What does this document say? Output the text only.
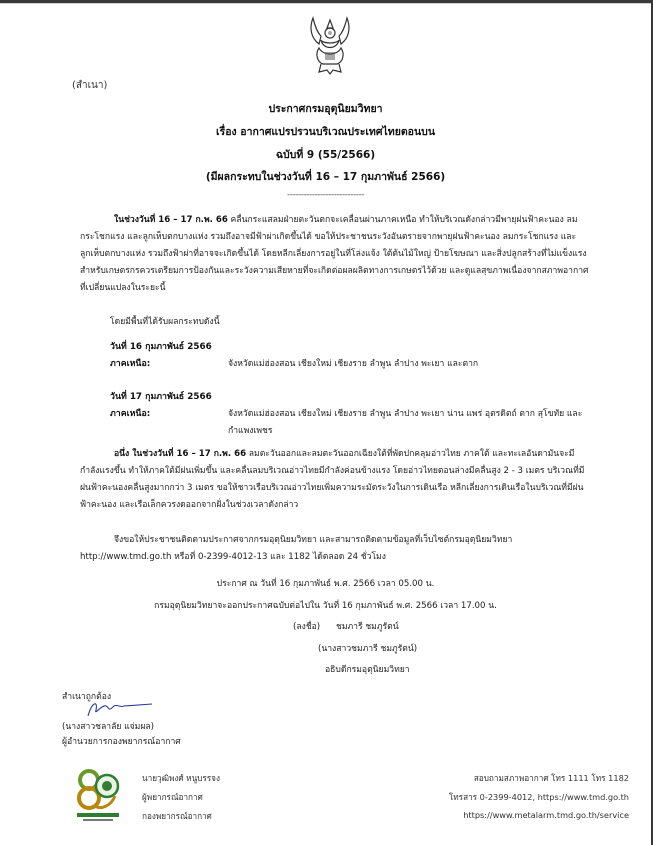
(สำเนา)
ประกาศกรมอุตุนิยมวิทยา
เรื่อง อากาศแปรปรวนบริเวณประเทศไทยตอนบน
ฉบับที่ 9 (55/2566)
(มีผลกระทบในช่วงวันที่ 16 – 17 กุมภาพันธ์ 2566)
----------------------------
ในช่วงวันที่ 16 – 17 ก.พ. 66 คลื่นกระแสลมฝ่ายตะวันตกจะเคลื่อนผ่านภาคเหนือ ทำให้บริเวณดังกล่าวมีพายุฝนฟ้าคะนอง ลมกระโชกแรง และลูกเห็บตกบางแห่ง รวมถึงอาจมีฟ้าผ่าเกิดขึ้นได้ ขอให้ประชาชนระวังอันตรายจากพายุฝนฟ้าคะนอง ลมกระโชกแรง และลูกเห็บตกบางแห่ง รวมถึงฟ้าผ่าที่อาจจะเกิดขึ้นได้ โดยหลีกเลี่ยงการอยู่ในที่โล่งแจ้ง ใต้ต้นไม้ใหญ่ ป้ายโฆษณา และสิ่งปลูกสร้างที่ไม่แข็งแรง สำหรับเกษตรกรควรเตรียมการป้องกันและระวังความเสียหายที่จะเกิดต่อผลผลิตทางการเกษตรไว้ด้วย และดูแลสุขภาพเนื่องจากสภาพอากาศที่เปลี่ยนแปลงในระยะนี้
โดยมีพื้นที่ได้รับผลกระทบดังนี้
วันที่ 16 กุมภาพันธ์ 2566
ภาคเหนือ:	จังหวัดแม่ฮ่องสอน เชียงใหม่ เชียงราย ลำพูน ลำปาง พะเยา และตาก
วันที่ 17 กุมภาพันธ์ 2566
ภาคเหนือ:	จังหวัดแม่ฮ่องสอน เชียงใหม่ เชียงราย ลำพูน ลำปาง พะเยา น่าน แพร่ อุตรดิตถ์ ตาก สุโขทัย และกำแพงเพชร
อนึ่ง ในช่วงวันที่ 16 – 17 ก.พ. 66 ลมตะวันออกและลมตะวันออกเฉียงใต้ที่พัดปกคลุมอ่าวไทย ภาคใต้ และทะเลอันดามันจะมีกำลังแรงขึ้น ทำให้ภาคใต้มีฝนเพิ่มขึ้น และคลื่นลมบริเวณอ่าวไทยมีกำลังค่อนข้างแรง โดยอ่าวไทยตอนล่างมีคลื่นสูง 2 - 3 เมตร บริเวณที่มีฝนฟ้าคะนองคลื่นสูงมากกว่า 3 เมตร ขอให้ชาวเรือบริเวณอ่าวไทยเพิ่มความระมัดระวังในการเดินเรือ หลีกเลี่ยงการเดินเรือในบริเวณที่มีฝนฟ้าคะนอง และเรือเล็กควรงดออกจากฝั่งในช่วงเวลาดังกล่าว
จึงขอให้ประชาชนติดตามประกาศจากกรมอุตุนิยมวิทยา และสามารถติดตามข้อมูลที่เว็บไซต์กรมอุตุนิยมวิทยา http://www.tmd.go.th หรือที่ 0-2399-4012-13 และ 1182 ได้ตลอด 24 ชั่วโมง
ประกาศ ณ วันที่ 16 กุมภาพันธ์ พ.ศ. 2566 เวลา 05.00 น.
กรมอุตุนิยมวิทยาจะออกประกาศฉบับต่อไปใน วันที่ 16 กุมภาพันธ์ พ.ศ. 2566 เวลา 17.00 น.
(ลงชื่อ) ชมภารี ชมภูรัตน์
(นางสาวชมภารี ชมภูรัตน์)
อธิบดีกรมอุตุนิยมวิทยา
สำเนาถูกต้อง
(นางสาวชลาลัย แจ่มผล)
ผู้อำนวยการกองพยากรณ์อากาศ
นายวุฒิพงศ์ หนูบรรจง
ผู้พยากรณ์อากาศ
กองพยากรณ์อากาศ
สอบถามสภาพอากาศ โทร 1111 โทร 1182
โทรสาร 0-2399-4012, https://www.tmd.go.th
https://www.metalarm.tmd.go.th/service
